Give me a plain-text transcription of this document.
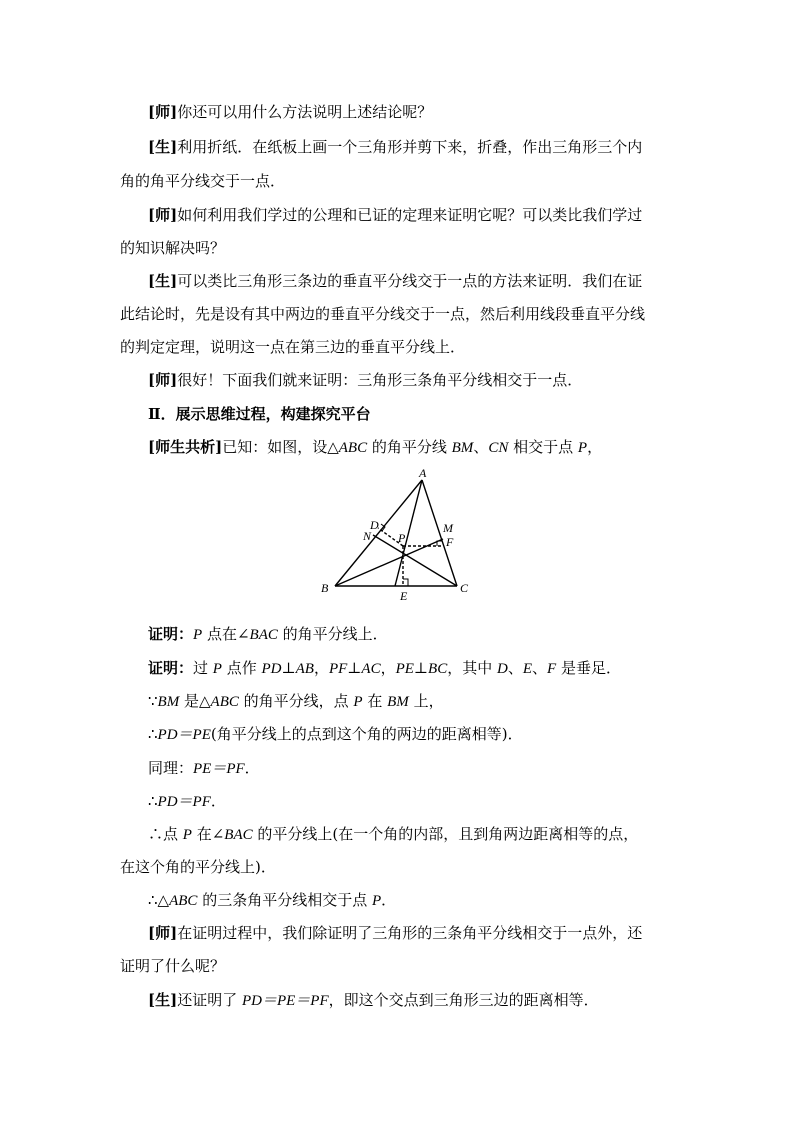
[师]你还可以用什么方法说明上述结论呢？
[生]利用折纸．在纸板上画一个三角形并剪下来，折叠，作出三角形三个内
角的角平分线交于一点．
[师]如何利用我们学过的公理和已证的定理来证明它呢？可以类比我们学过
的知识解决吗？
[生]可以类比三角形三条边的垂直平分线交于一点的方法来证明．我们在证
此结论时，先是设有其中两边的垂直平分线交于一点，然后利用线段垂直平分线
的判定定理，说明这一点在第三边的垂直平分线上．
[师]很好！下面我们就来证明：三角形三条角平分线相交于一点．
Ⅱ．展示思维过程，构建探究平台
[师生共析]已知：如图，设△ABC 的角平分线 BM、CN 相交于点 P，
A
B	C
D
E
F
M
N P
证明：P 点在∠BAC 的角平分线上．
证明：过 P 点作 PD⊥AB，PF⊥AC，PE⊥BC，其中 D、E、F 是垂足．
∵BM 是△ABC 的角平分线，点 P 在 BM 上，
∴PD＝PE(角平分线上的点到这个角的两边的距离相等)．
同理：PE＝PF．
∴PD＝PF．
∴点 P 在∠BAC 的平分线上(在一个角的内部，且到角两边距离相等的点，
在这个角的平分线上)．
∴△ABC 的三条角平分线相交于点 P．
[师]在证明过程中，我们除证明了三角形的三条角平分线相交于一点外，还
证明了什么呢？
[生]还证明了 PD＝PE＝PF，即这个交点到三角形三边的距离相等．
